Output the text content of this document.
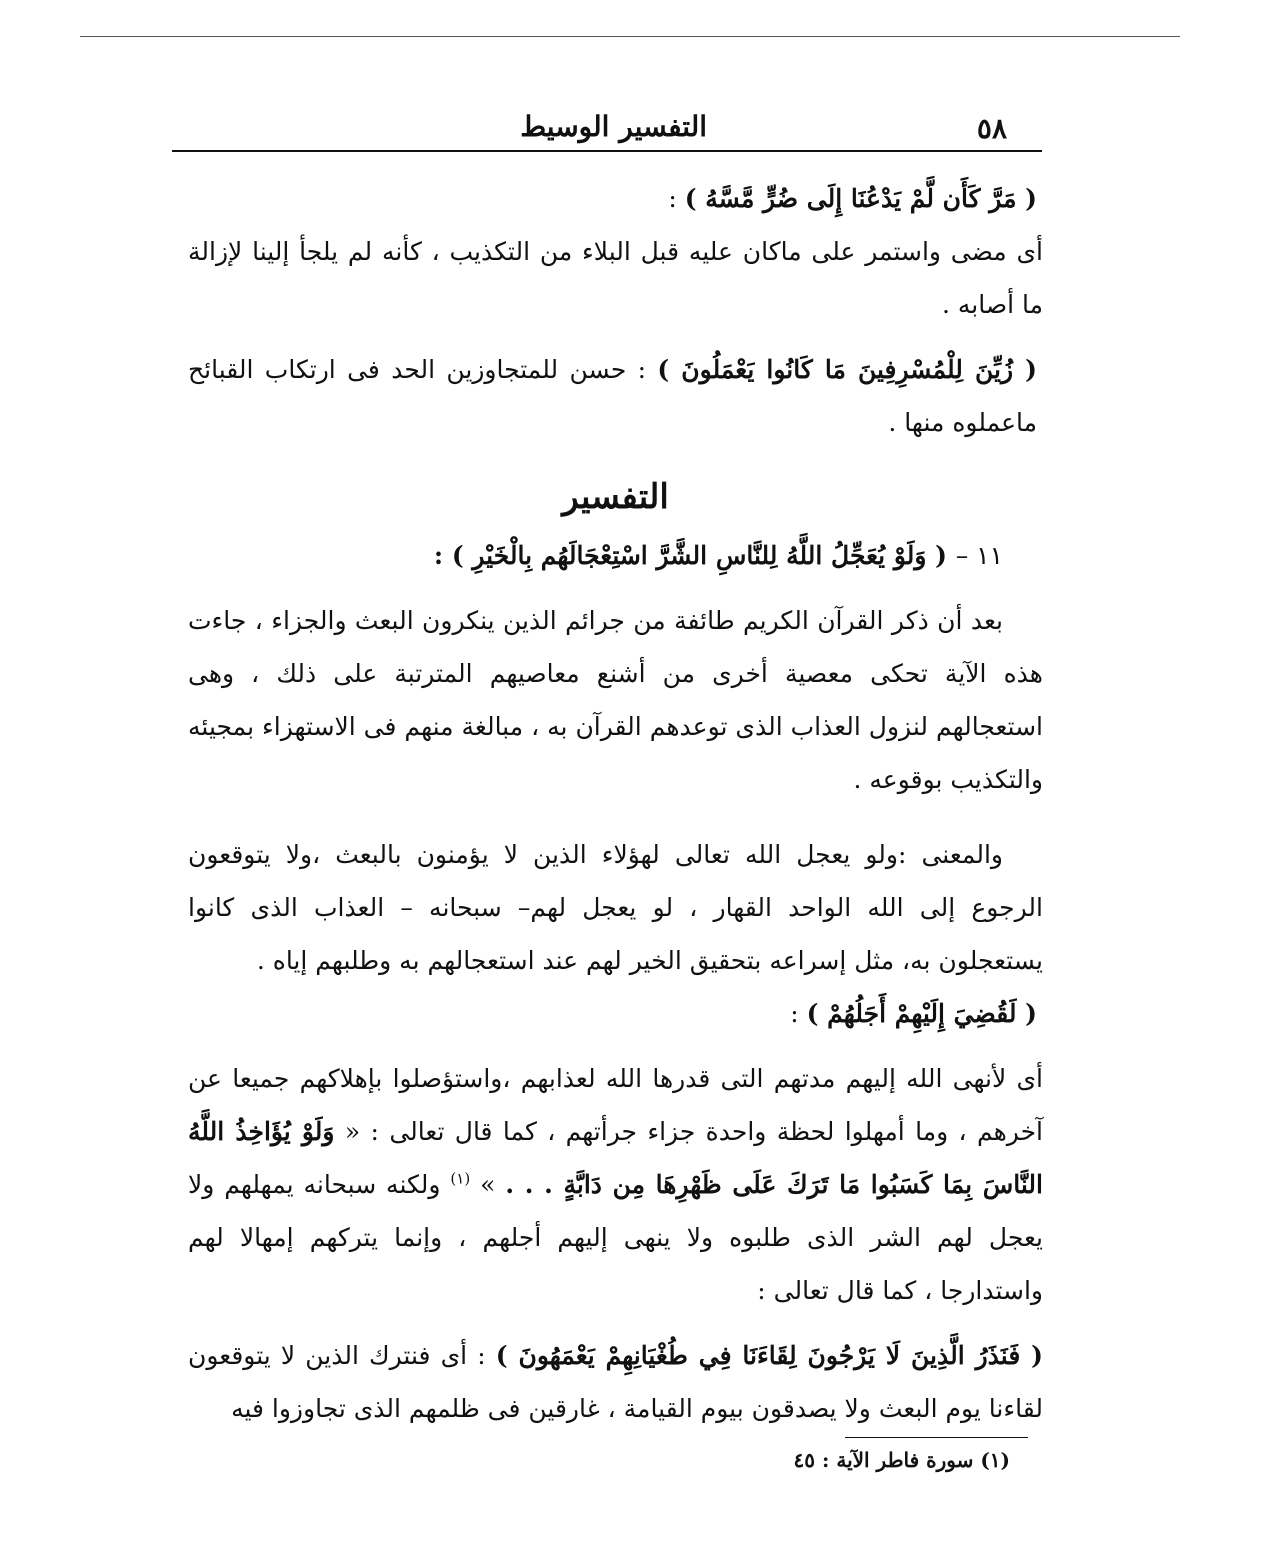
٥٨
التفسير الوسيط

( مَرَّ كَأَن لَّمْ يَدْعُنَا إِلَى ضُرٍّ مَّسَّهُ ) :

أى مضى واستمر على ماكان عليه قبل البلاء من التكذيب ، كأنه لم يلجأ إلينا لإزالة ما أصابه .

( زُيِّنَ لِلْمُسْرِفِينَ مَا كَانُوا يَعْمَلُونَ ) : حسن للمتجاوزين الحد فى ارتكاب القبائح ماعملوه منها .

التفسير

١١ – ( وَلَوْ يُعَجِّلُ اللَّهُ لِلنَّاسِ الشَّرَّ اسْتِعْجَالَهُم بِالْخَيْرِ ) :

بعد أن ذكر القرآن الكريم طائفة من جرائم الذين ينكرون البعث والجزاء ، جاءت هذه الآية تحكى معصية أخرى من أشنع معاصيهم المترتبة على ذلك ، وهى استعجالهم لنزول العذاب الذى توعدهم القرآن به ، مبالغة منهم فى الاستهزاء بمجيئه والتكذيب بوقوعه .

والمعنى :ولو يعجل الله تعالى لهؤلاء الذين لا يؤمنون بالبعث ،ولا يتوقعون الرجوع إلى الله الواحد القهار ، لو يعجل لهم– سبحانه – العذاب الذى كانوا يستعجلون به، مثل إسراعه بتحقيق الخير لهم عند استعجالهم به وطلبهم إياه .

( لَقُضِيَ إِلَيْهِمْ أَجَلُهُمْ ) :

أى لأنهى الله إليهم مدتهم التى قدرها الله لعذابهم ،واستؤصلوا بإهلاكهم جميعا عن آخرهم ، وما أمهلوا لحظة واحدة جزاء جرأتهم ، كما قال تعالى : « وَلَوْ يُؤَاخِذُ اللَّهُ النَّاسَ بِمَا كَسَبُوا مَا تَرَكَ عَلَى ظَهْرِهَا مِن دَابَّةٍ . . . » $^{(١)}$ ولكنه سبحانه يمهلهم ولا يعجل لهم الشر الذى طلبوه ولا ينهى إليهم أجلهم ، وإنما يتركهم إمهالا لهم واستدارجا ، كما قال تعالى :

( فَنَذَرُ الَّذِينَ لَا يَرْجُونَ لِقَاءَنَا فِي طُغْيَانِهِمْ يَعْمَهُونَ ) : أى فنترك الذين لا يتوقعون لقاءنا يوم البعث ولا يصدقون بيوم القيامة ، غارقين فى ظلمهم الذى تجاوزوا فيه

(١) سورة فاطر الآية : ٤٥
